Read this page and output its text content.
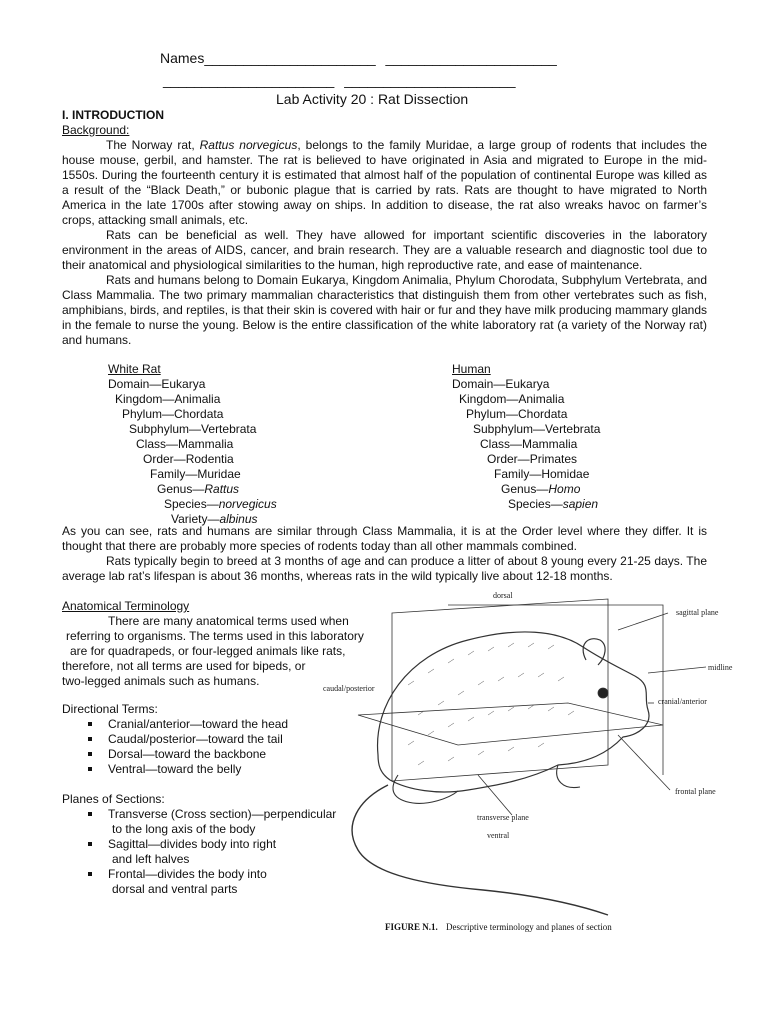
Names______________________ ______________________
______________________ ______________________
Lab Activity 20 : Rat Dissection
I. INTRODUCTION
Background:
The Norway rat, Rattus norvegicus, belongs to the family Muridae, a large group of rodents that includes the house mouse, gerbil, and hamster. The rat is believed to have originated in Asia and migrated to Europe in the mid-1550s. During the fourteenth century it is estimated that almost half of the population of continental Europe was killed as a result of the “Black Death,” or bubonic plague that is carried by rats. Rats are thought to have migrated to North America in the late 1700s after stowing away on ships. In addition to disease, the rat also wreaks havoc on farmer’s crops, attacking small animals, etc.
Rats can be beneficial as well. They have allowed for important scientific discoveries in the laboratory environment in the areas of AIDS, cancer, and brain research. They are a valuable research and diagnostic tool due to their anatomical and physiological similarities to the human, high reproductive rate, and ease of maintenance.
Rats and humans belong to Domain Eukarya, Kingdom Animalia, Phylum Chorodata, Subphylum Vertebrata, and Class Mammalia. The two primary mammalian characteristics that distinguish them from other vertebrates such as fish, amphibians, birds, and reptiles, is that their skin is covered with hair or fur and they have milk producing mammary glands in the female to nurse the young. Below is the entire classification of the white laboratory rat (a variety of the Norway rat) and humans.
White Rat	Human
Domain—Eukarya
Kingdom—Animalia
Phylum—Chordata
Subphylum—Vertebrata
Class—Mammalia
Order—Rodentia
Family—Muridae
Genus—Rattus
Species—norvegicus
Variety—albinus
Domain—Eukarya
Kingdom—Animalia
Phylum—Chordata
Subphylum—Vertebrata
Class—Mammalia
Order—Primates
Family—Homidae
Genus—Homo
Species—sapien
As you can see, rats and humans are similar through Class Mammalia, it is at the Order level where they differ. It is thought that there are probably more species of rodents today than all other mammals combined.
Rats typically begin to breed at 3 months of age and can produce a litter of about 8 young every 21-25 days. The average lab rat’s lifespan is about 36 months, whereas rats in the wild typically live about 12-18 months.
Anatomical Terminology
There are many anatomical terms used when
referring to organisms. The terms used in this laboratory
are for quadrapeds, or four-legged animals like rats,
therefore, not all terms are used for bipeds, or
two-legged animals such as humans.
Directional Terms:
Cranial/anterior—toward the head
Caudal/posterior—toward the tail
Dorsal—toward the backbone
Ventral—toward the belly
Planes of Sections:
Transverse (Cross section)—perpendicular
to the long axis of the body
Sagittal—divides body into right
and left halves
Frontal—divides the body into
dorsal and ventral parts
dorsal
sagittal plane
midline
cranial/anterior
caudal/posterior
frontal plane
transverse plane
ventral
FIGURE N.1. Descriptive terminology and planes of section
